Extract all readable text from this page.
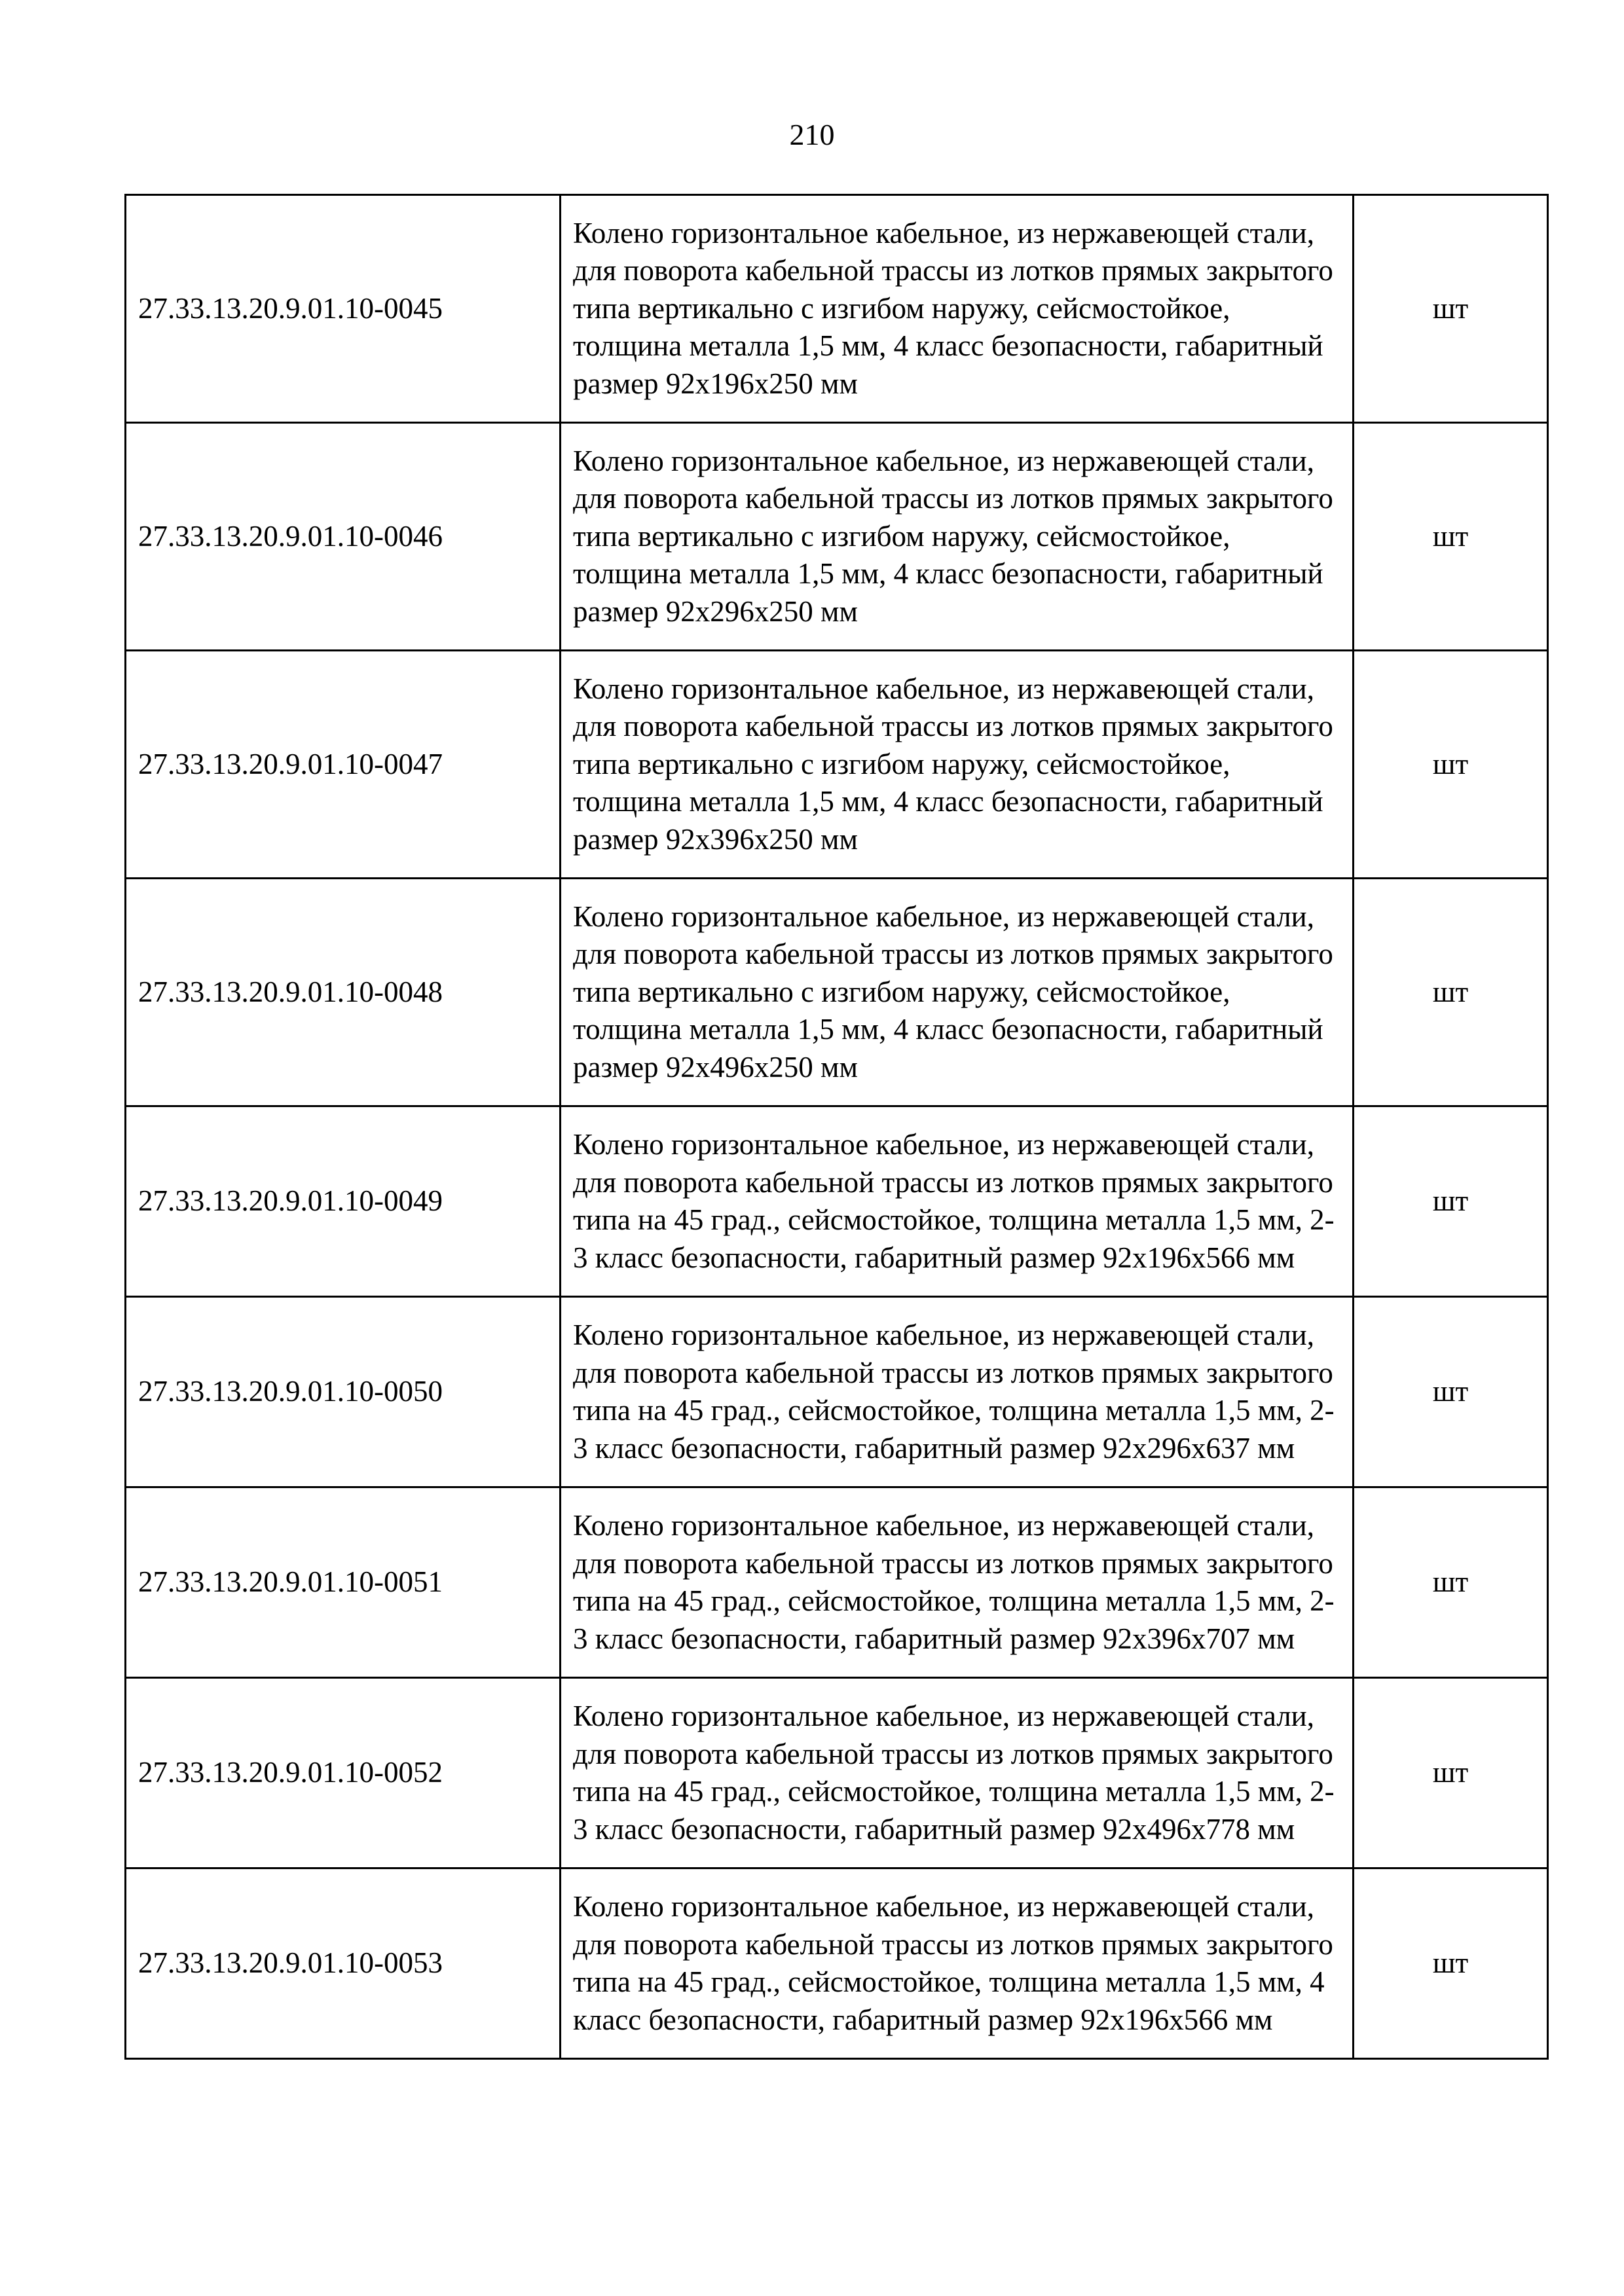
210
27.33.13.20.9.01.10-0045	Колено горизонтальное кабельное, из нержавеющей стали, для поворота кабельной трассы из лотков прямых закрытого типа вертикально с изгибом наружу, сейсмостойкое, толщина металла 1,5 мм, 4 класс безопасности, габаритный размер 92х196х250 мм	шт
27.33.13.20.9.01.10-0046	Колено горизонтальное кабельное, из нержавеющей стали, для поворота кабельной трассы из лотков прямых закрытого типа вертикально с изгибом наружу, сейсмостойкое, толщина металла 1,5 мм, 4 класс безопасности, габаритный размер 92х296х250 мм	шт
27.33.13.20.9.01.10-0047	Колено горизонтальное кабельное, из нержавеющей стали, для поворота кабельной трассы из лотков прямых закрытого типа вертикально с изгибом наружу, сейсмостойкое, толщина металла 1,5 мм, 4 класс безопасности, габаритный размер 92х396х250 мм	шт
27.33.13.20.9.01.10-0048	Колено горизонтальное кабельное, из нержавеющей стали, для поворота кабельной трассы из лотков прямых закрытого типа вертикально с изгибом наружу, сейсмостойкое, толщина металла 1,5 мм, 4 класс безопасности, габаритный размер 92х496х250 мм	шт
27.33.13.20.9.01.10-0049	Колено горизонтальное кабельное, из нержавеющей стали, для поворота кабельной трассы из лотков прямых закрытого типа на 45 град., сейсмостойкое, толщина металла 1,5 мм, 2-3 класс безопасности, габаритный размер 92х196х566 мм	шт
27.33.13.20.9.01.10-0050	Колено горизонтальное кабельное, из нержавеющей стали, для поворота кабельной трассы из лотков прямых закрытого типа на 45 град., сейсмостойкое, толщина металла 1,5 мм, 2-3 класс безопасности, габаритный размер 92х296х637 мм	шт
27.33.13.20.9.01.10-0051	Колено горизонтальное кабельное, из нержавеющей стали, для поворота кабельной трассы из лотков прямых закрытого типа на 45 град., сейсмостойкое, толщина металла 1,5 мм, 2-3 класс безопасности, габаритный размер 92х396х707 мм	шт
27.33.13.20.9.01.10-0052	Колено горизонтальное кабельное, из нержавеющей стали, для поворота кабельной трассы из лотков прямых закрытого типа на 45 град., сейсмостойкое, толщина металла 1,5 мм, 2-3 класс безопасности, габаритный размер 92х496х778 мм	шт
27.33.13.20.9.01.10-0053	Колено горизонтальное кабельное, из нержавеющей стали, для поворота кабельной трассы из лотков прямых закрытого типа на 45 град., сейсмостойкое, толщина металла 1,5 мм, 4 класс безопасности, габаритный размер 92х196х566 мм	шт
